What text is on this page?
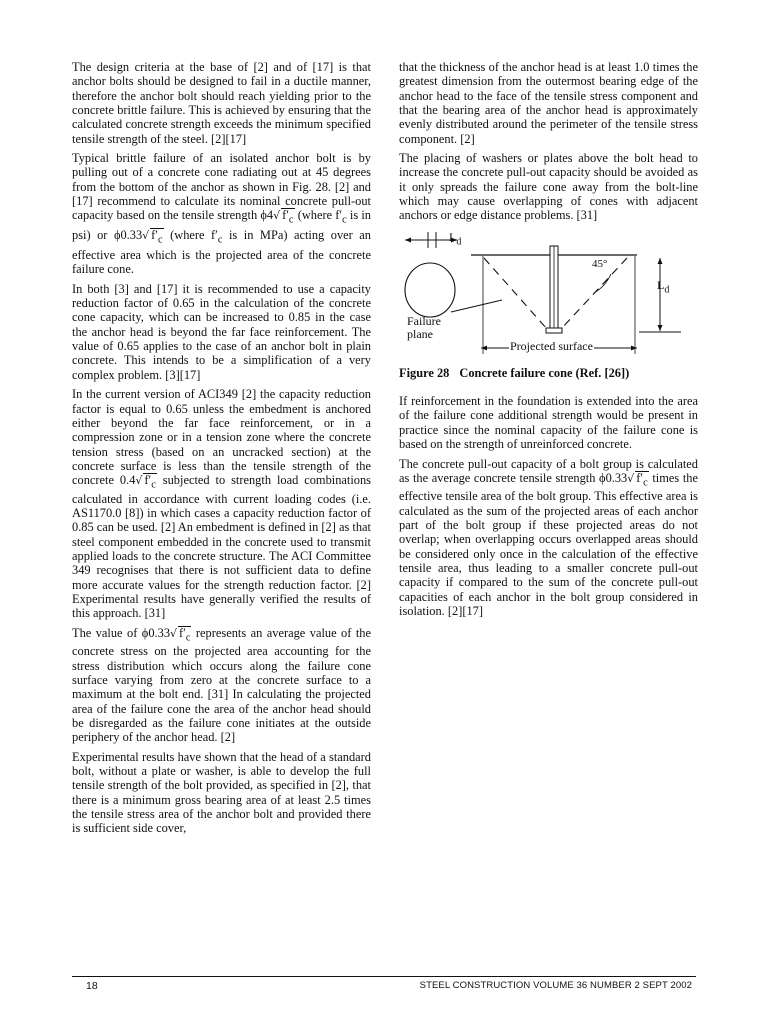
The design criteria at the base of [2] and of [17] is that anchor bolts should be designed to fail in a ductile manner, therefore the anchor bolt should reach yielding prior to the concrete brittle failure. This is achieved by ensuring that the calculated concrete strength exceeds the minimum specified tensile strength of the steel. [2][17]

Typical brittle failure of an isolated anchor bolt is by pulling out of a concrete cone radiating out at 45 degrees from the bottom of the anchor as shown in Fig. 28. [2] and [17] recommend to calculate its nominal concrete pull-out capacity based on the tensile strength ϕ4√ $f'_c$ (where $f'_c$ is in psi) or ϕ0.33√ $f'_c$ (where $f'_c$ is in MPa) acting over an effective area which is the projected area of the concrete failure cone.

In both [3] and [17] it is recommended to use a capacity reduction factor of 0.65 in the calculation of the concrete cone capacity, which can be increased to 0.85 in the case the anchor head is beyond the far face reinforcement. The value of 0.65 applies to the case of an anchor bolt in plain concrete. This intends to be a simplification of a very complex problem. [3][17]

In the current version of ACI349 [2] the capacity reduction factor is equal to 0.65 unless the embedment is anchored either beyond the far face reinforcement, or in a compression zone or in a tension zone where the concrete tension stress (based on an uncracked section) at the concrete surface is less than the tensile strength of the concrete 0.4√ $f'_c$ subjected to strength load combinations calculated in accordance with current loading codes (i.e. AS1170.0 [8]) in which cases a capacity reduction factor of 0.85 can be used. [2] An embedment is defined in [2] as that steel component embedded in the concrete used to transmit applied loads to the concrete structure. The ACI Committee 349 recognises that there is not sufficient data to define more accurate values for the strength reduction factor. [2] Experimental results have generally verified the results of this approach. [31]

The value of ϕ0.33√ $f'_c$ represents an average value of the concrete stress on the projected area accounting for the stress distribution which occurs along the failure cone surface varying from zero at the concrete surface to a maximum at the bolt end. [31] In calculating the projected area of the failure cone the area of the anchor head should be disregarded as the failure cone initiates at the outside periphery of the anchor head. [2]

Experimental results have shown that the head of a standard bolt, without a plate or washer, is able to develop the full tensile strength of the bolt provided, as specified in [2], that there is a minimum gross bearing area of at least 2.5 times the tensile stress area of the anchor bolt and provided there is sufficient side cover,

that the thickness of the anchor head is at least 1.0 times the greatest dimension from the outermost bearing edge of the anchor head to the face of the tensile stress component and that the bearing area of the anchor head is approximately evenly distributed around the perimeter of the tensile stress component. [2]

The placing of washers or plates above the bolt head to increase the concrete pull-out capacity should be avoided as it only spreads the failure cone away from the bolt-line which may cause overlapping of cones with adjacent anchors or edge distance problems. [31]

$L_d$
45°
$L_d$
Failure plane
Projected surface

Figure 28 Concrete failure cone (Ref. [26])

If reinforcement in the foundation is extended into the area of the failure cone additional strength would be present in practice since the nominal capacity of the failure cone is based on the strength of unreinforced concrete.

The concrete pull-out capacity of a bolt group is calculated as the average concrete tensile strength ϕ0.33√ $f'_c$ times the effective tensile area of the bolt group. This effective area is calculated as the sum of the projected areas of each anchor part of the bolt group if these projected areas do not overlap; when overlapping occurs overlapped areas should be considered only once in the calculation of the effective tensile area, thus leading to a smaller concrete pull-out capacity if compared to the sum of the concrete pull-out capacities of each anchor in the bolt group considered in isolation. [2][17]

18	STEEL CONSTRUCTION VOLUME 36 NUMBER 2 SEPT 2002
